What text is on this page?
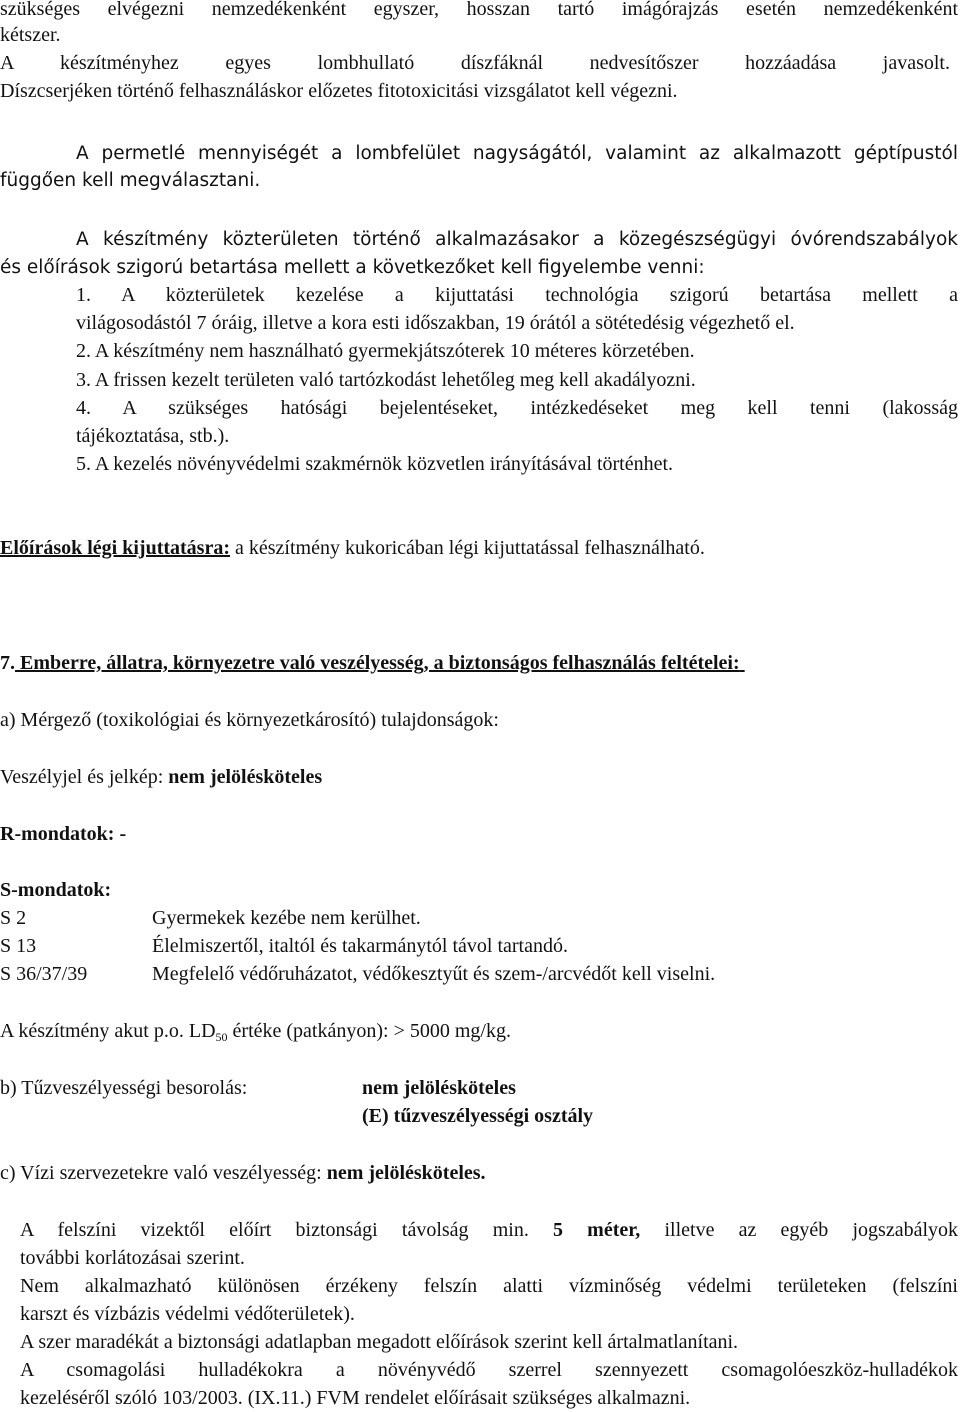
szükséges elvégezni nemzedékenként egyszer, hosszan tartó imágórajzás esetén nemzedékenként
kétszer.
A készítményhez egyes lombhullató díszfáknál nedvesítőszer hozzáadása javasolt.
Díszcserjéken történő felhasználáskor előzetes fitotoxicitási vizsgálatot kell végezni.
A permetlé mennyiségét a lombfelület nagyságától, valamint az alkalmazott géptípustól
függően kell megválasztani.
A készítmény közterületen történő alkalmazásakor a közegészségügyi óvórendszabályok
és előírások szigorú betartása mellett a következőket kell figyelembe venni:
1. A közterületek kezelése a kijuttatási technológia szigorú betartása mellett a
világosodástól 7 óráig, illetve a kora esti időszakban, 19 órától a sötétedésig végezhető el.
2. A készítmény nem használható gyermekjátszóterek 10 méteres körzetében.
3. A frissen kezelt területen való tartózkodást lehetőleg meg kell akadályozni.
4. A szükséges hatósági bejelentéseket, intézkedéseket meg kell tenni (lakosság
tájékoztatása, stb.).
5. A kezelés növényvédelmi szakmérnök közvetlen irányításával történhet.
Előírások légi kijuttatásra: a készítmény kukoricában légi kijuttatással felhasználható.
7. Emberre, állatra, környezetre való veszélyesség, a biztonságos felhasználás feltételei:
a) Mérgező (toxikológiai és környezetkárosító) tulajdonságok:
Veszélyjel és jelkép: nem jelölésköteles
R-mondatok: -
S-mondatok:
S 2	Gyermekek kezébe nem kerülhet.
S 13	Élelmiszertől, italtól és takarmánytól távol tartandó.
S 36/37/39	Megfelelő védőruházatot, védőkesztyűt és szem-/arcvédőt kell viselni.
A készítmény akut p.o. $LD_{50}$ értéke (patkányon): > 5000 mg/kg.
b) Tűzveszélyességi besorolás:	nem jelölésköteles
(E) tűzveszélyességi osztály
c) Vízi szervezetekre való veszélyesség: nem jelölésköteles.
A felszíni vizektől előírt biztonsági távolság min. 5 méter, illetve az egyéb jogszabályok
további korlátozásai szerint.
Nem alkalmazható különösen érzékeny felszín alatti vízminőség védelmi területeken (felszíni
karszt és vízbázis védelmi védőterületek).
A szer maradékát a biztonsági adatlapban megadott előírások szerint kell ártalmatlanítani.
A csomagolási hulladékokra a növényvédő szerrel szennyezett csomagolóeszköz-hulladékok
kezeléséről szóló 103/2003. (IX.11.) FVM rendelet előírásait szükséges alkalmazni.
